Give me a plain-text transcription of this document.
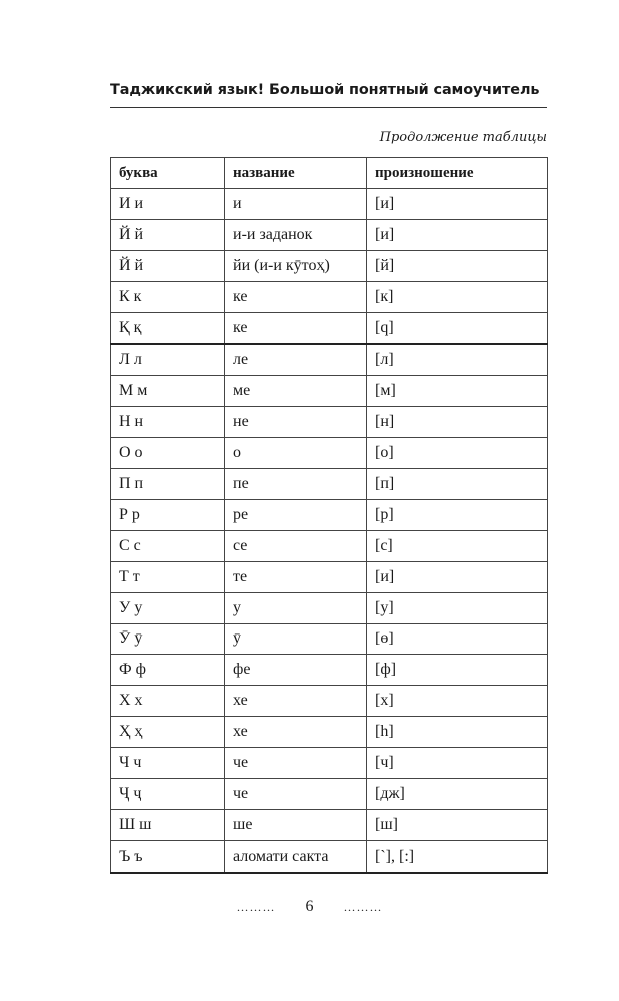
Таджикский язык! Большой понятный самоучитель
Продолжение таблицы
буква	название	произношение
И и	и	[и]
Й й	и-и заданок	[и]
Й й	йи (и-и кӯтоҳ)	[й]
К к	ке	[к]
Қ қ	ке	[q]
Л л	ле	[л]
М м	ме	[м]
Н н	не	[н]
О о	о	[о]
П п	пе	[п]
Р р	ре	[р]
С с	се	[с]
Т т	те	[и]
У у	у	[у]
Ӯ ӯ	ӯ	[ө]
Ф ф	фе	[ф]
Х х	хе	[х]
Ҳ ҳ	хе	[h]
Ч ч	че	[ч]
Ҷ ҷ	че	[дж]
Ш ш	ше	[ш]
Ъ ъ	аломати сакта	[`], [:]
……… 6	………
